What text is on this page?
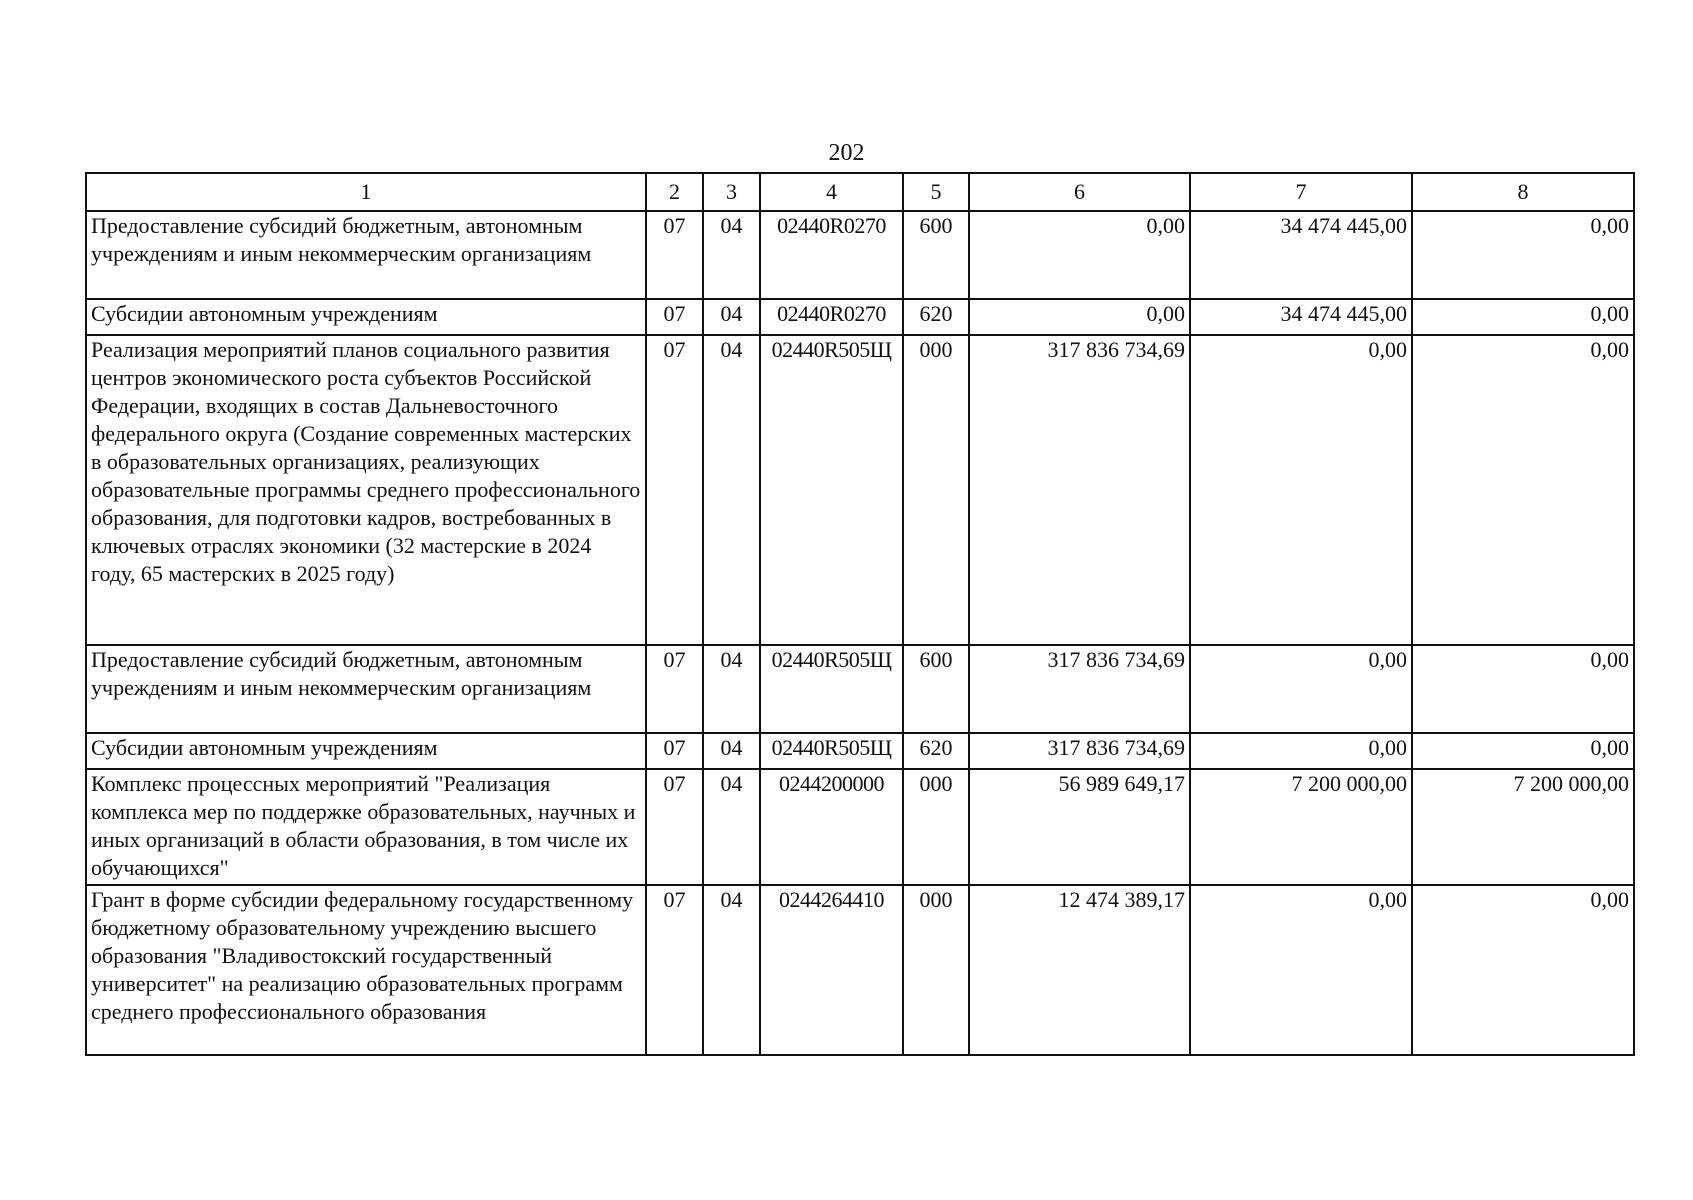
202
1	2	3	4	5	6	7	8
Предоставление субсидий бюджетным, автономным учреждениям и иным некоммерческим организациям	07	04	02440R0270	600	0,00	34 474 445,00	0,00
Субсидии автономным учреждениям	07	04	02440R0270	620	0,00	34 474 445,00	0,00
Реализация мероприятий планов социального развития центров экономического роста субъектов Российской Федерации, входящих в состав Дальневосточного федерального округа (Создание современных мастерских в образовательных организациях, реализующих образовательные программы среднего профессионального образования, для подготовки кадров, востребованных в ключевых отраслях экономики (32 мастерские в 2024 году, 65 мастерских в 2025 году)	07	04	02440R505Щ	000	317 836 734,69	0,00	0,00
Предоставление субсидий бюджетным, автономным учреждениям и иным некоммерческим организациям	07	04	02440R505Щ	600	317 836 734,69	0,00	0,00
Субсидии автономным учреждениям	07	04	02440R505Щ	620	317 836 734,69	0,00	0,00
Комплекс процессных мероприятий "Реализация комплекса мер по поддержке образовательных, научных и иных организаций в области образования, в том числе их обучающихся"	07	04	0244200000	000	56 989 649,17	7 200 000,00	7 200 000,00
Грант в форме субсидии федеральному государственному бюджетному образовательному учреждению высшего образования "Владивостокский государственный университет" на реализацию образовательных программ среднего профессионального образования	07	04	0244264410	000	12 474 389,17	0,00	0,00
